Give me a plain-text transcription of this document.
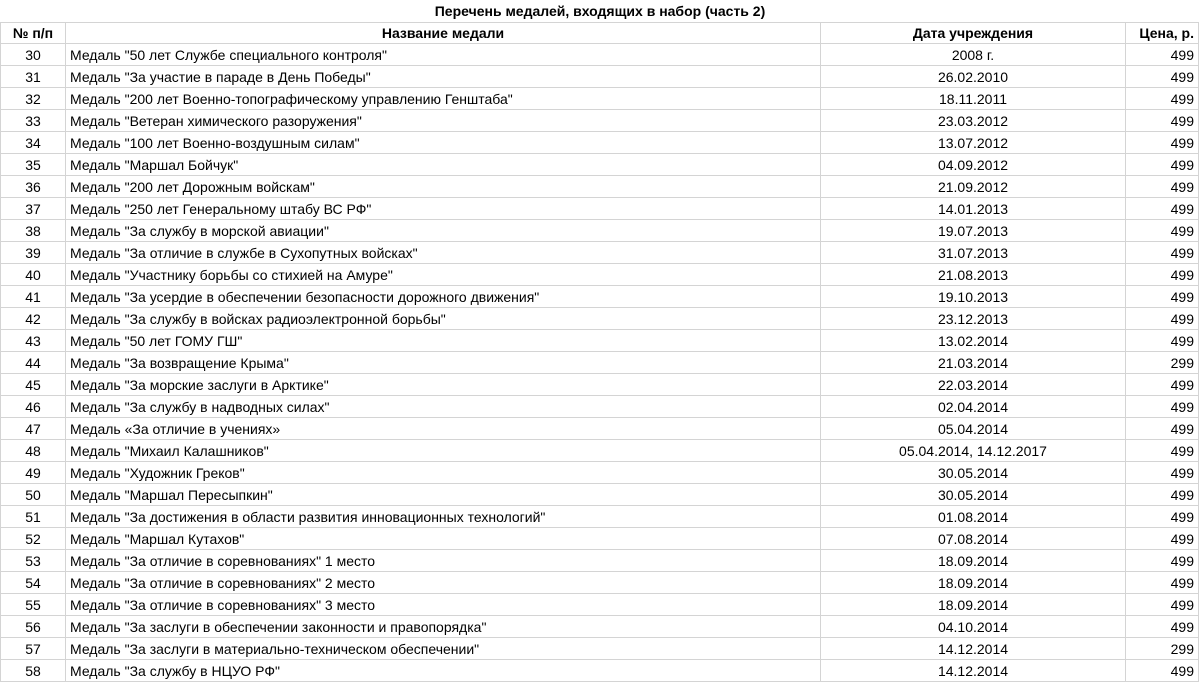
Перечень медалей, входящих в набор (часть 2)
№ п/п	Название медали	Дата учреждения	Цена, р.
30	Медаль "50 лет Службе специального контроля"	2008 г.	499
31	Медаль "За участие в параде в День Победы"	26.02.2010	499
32	Медаль "200 лет Военно-топографическому управлению Генштаба"	18.11.2011	499
33	Медаль "Ветеран химического разоружения"	23.03.2012	499
34	Медаль "100 лет Военно-воздушным силам"	13.07.2012	499
35	Медаль "Маршал Бойчук"	04.09.2012	499
36	Медаль "200 лет Дорожным войскам"	21.09.2012	499
37	Медаль "250 лет Генеральному штабу ВС РФ"	14.01.2013	499
38	Медаль "За службу в морской авиации"	19.07.2013	499
39	Медаль "За отличие в службе в Сухопутных войсках"	31.07.2013	499
40	Медаль "Участнику борьбы со стихией на Амуре"	21.08.2013	499
41	Медаль "За усердие в обеспечении безопасности дорожного движения"	19.10.2013	499
42	Медаль "За службу в войсках радиоэлектронной борьбы"	23.12.2013	499
43	Медаль "50 лет ГОМУ ГШ"	13.02.2014	499
44	Медаль "За возвращение Крыма"	21.03.2014	299
45	Медаль "За морские заслуги в Арктике"	22.03.2014	499
46	Медаль "За службу в надводных силах"	02.04.2014	499
47	Медаль «За отличие в учениях»	05.04.2014	499
48	Медаль "Михаил Калашников"	05.04.2014, 14.12.2017	499
49	Медаль "Художник Греков"	30.05.2014	499
50	Медаль "Маршал Пересыпкин"	30.05.2014	499
51	Медаль "За достижения в области развития инновационных технологий"	01.08.2014	499
52	Медаль "Маршал Кутахов"	07.08.2014	499
53	Медаль "За отличие в соревнованиях" 1 место	18.09.2014	499
54	Медаль "За отличие в соревнованиях" 2 место	18.09.2014	499
55	Медаль "За отличие в соревнованиях" 3 место	18.09.2014	499
56	Медаль "За заслуги в обеспечении законности и правопорядка"	04.10.2014	499
57	Медаль "За заслуги в материально-техническом обеспечении"	14.12.2014	299
58	Медаль "За службу в НЦУО РФ"	14.12.2014	499
